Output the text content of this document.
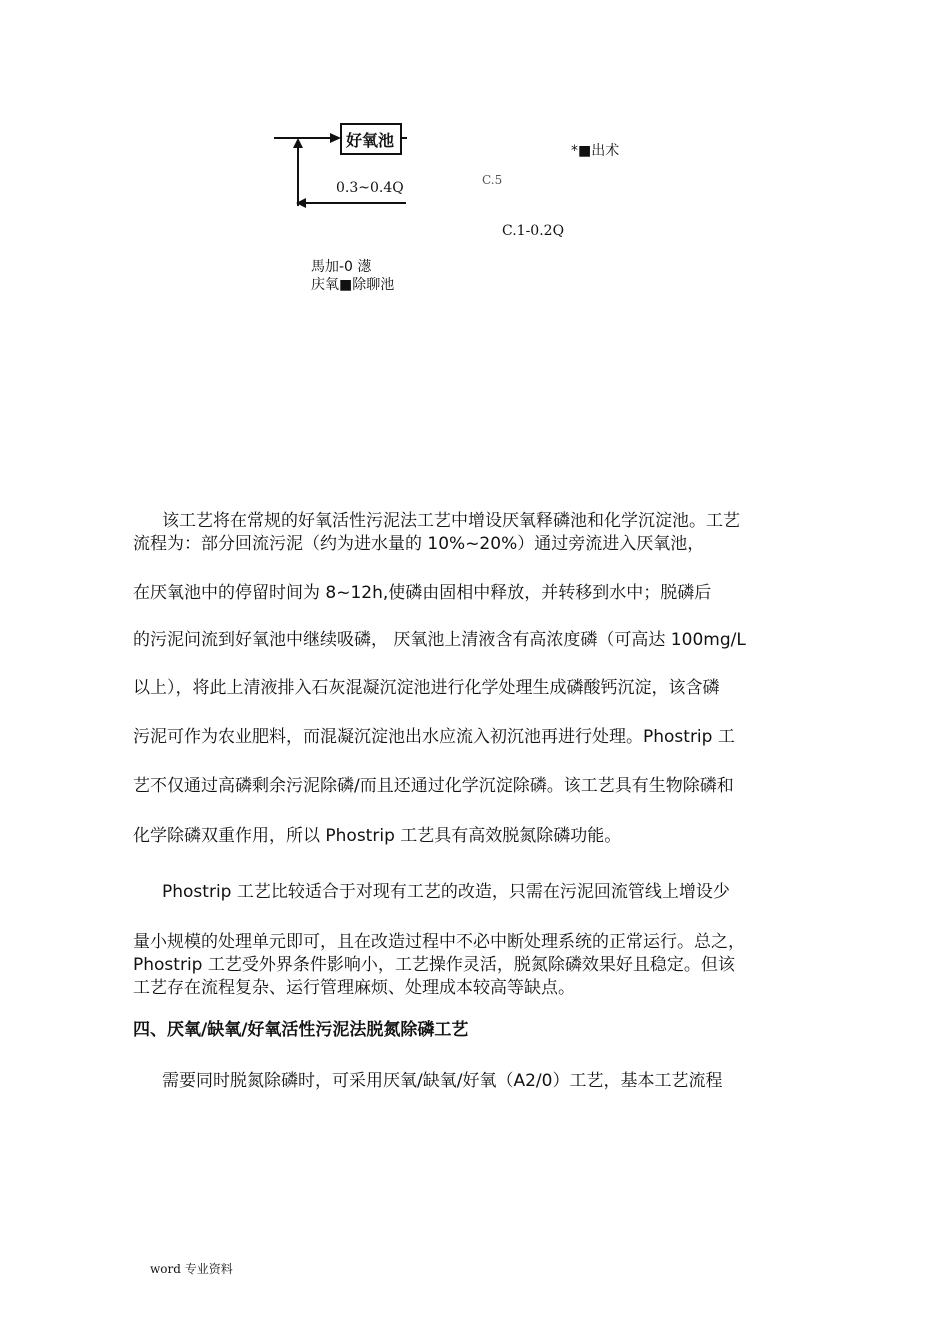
好氧池
0.3~0.4Q
*■出术
C.5
C.1-0.2Q
馬加-0 濍
庆氧■除聊池
该工艺将在常规的好氧活性污泥法工艺中增设厌氧释磷池和化学沉淀池。工艺
流程为：部分回流污泥（约为进水量的 10%~20%）通过旁流进入厌氧池，
在厌氧池中的停留时间为 8~12h,使磷由固相中释放，并转移到水中；脱磷后
的污泥问流到好氧池中继续吸磷， 厌氧池上清液含有高浓度磷（可高达 100mg/L
以上），将此上清液排入石灰混凝沉淀池进行化学处理生成磷酸钙沉淀，该含磷
污泥可作为农业肥料，而混凝沉淀池出水应流入初沉池再进行处理。Phostrip 工
艺不仅通过高磷剩余污泥除磷/而且还通过化学沉淀除磷。该工艺具有生物除磷和
化学除磷双重作用，所以 Phostrip 工艺具有高效脱氮除磷功能。
Phostrip 工艺比较适合于对现有工艺的改造，只需在污泥回流管线上增设少
量小规模的处理单元即可，且在改造过程中不必中断处理系统的正常运行。总之，
Phostrip 工艺受外界条件影响小，工艺操作灵活，脱氮除磷效果好且稳定。但该
工艺存在流程复杂、运行管理麻烦、处理成本较高等缺点。
四、厌氧/缺氧/好氧活性污泥法脱氮除磷工艺
需要同时脱氮除磷时，可采用厌氧/缺氧/好氧（A2/0）工艺，基本工艺流程
word 专业资料
